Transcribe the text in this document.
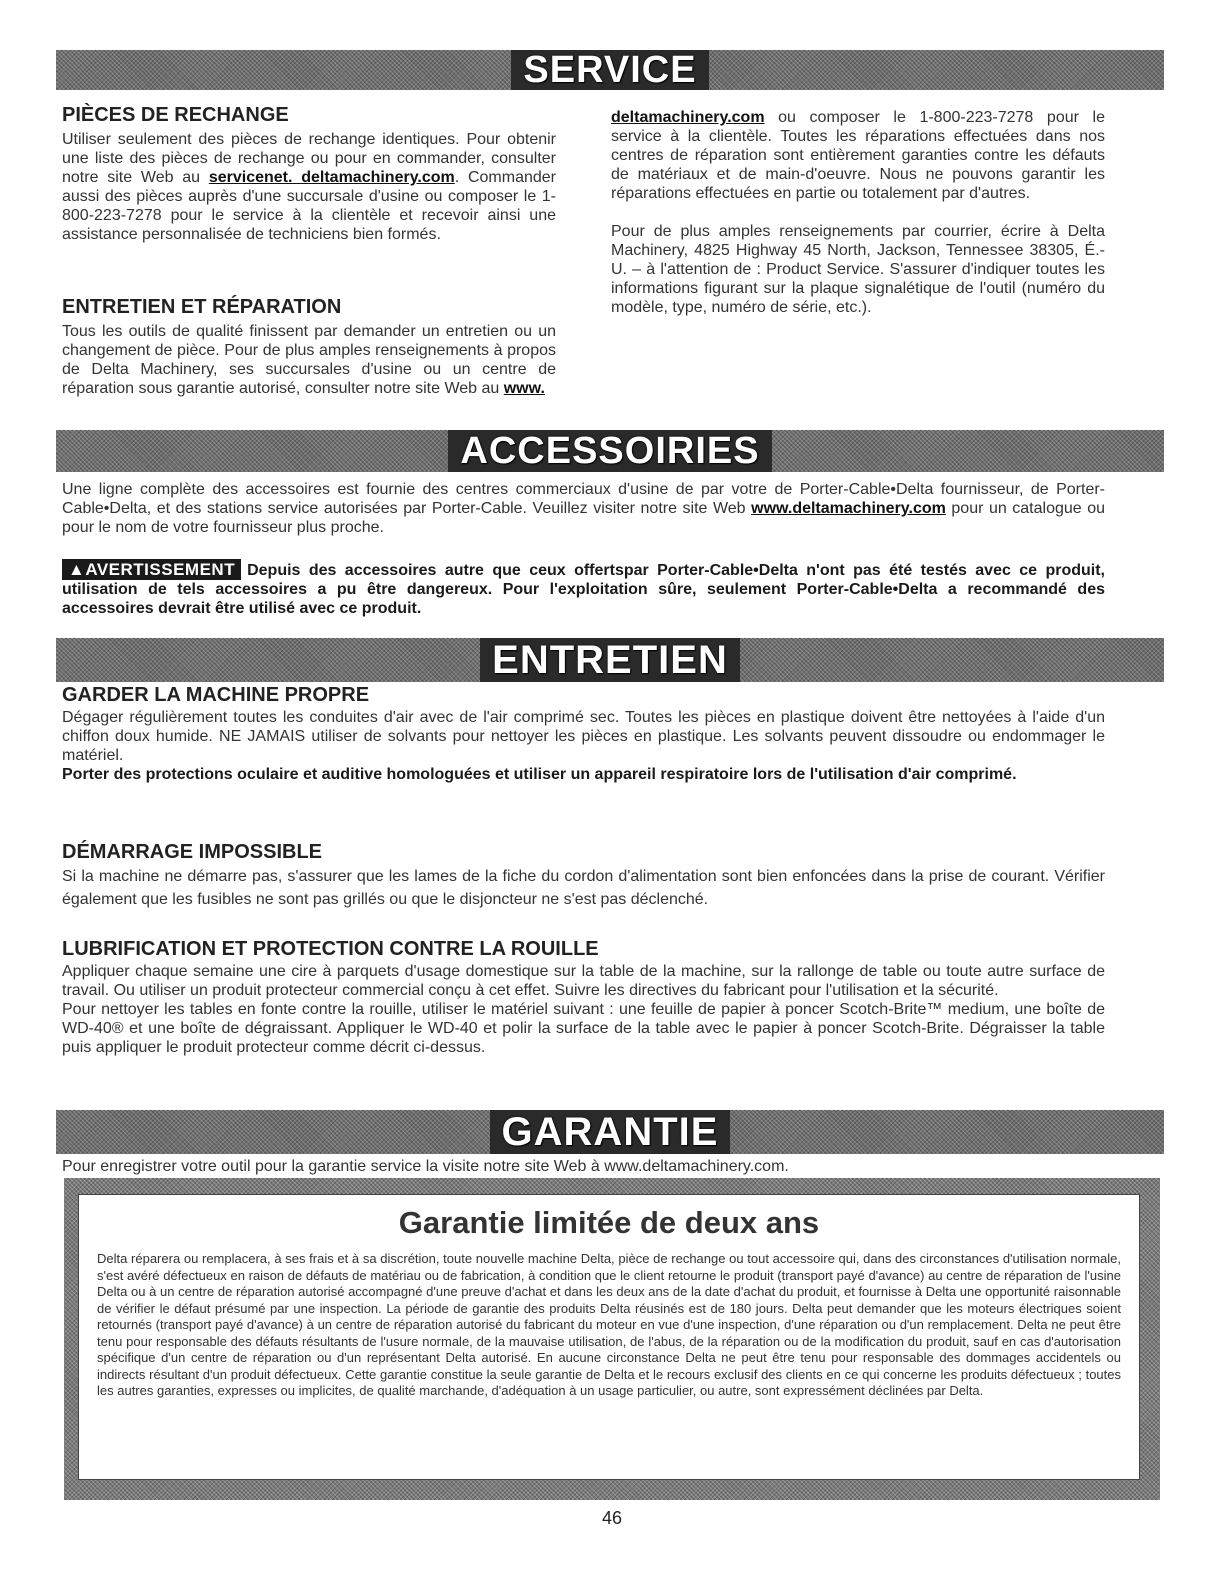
SERVICE
PIÈCES DE RECHANGE

Utiliser seulement des pièces de rechange identiques. Pour obtenir une liste des pièces de rechange ou pour en commander, consulter notre site Web au servicenet. deltamachinery.com. Commander aussi des pièces auprès d'une succursale d'usine ou composer le 1-800-223-7278 pour le service à la clientèle et recevoir ainsi une assistance personnalisée de techniciens bien formés.

ENTRETIEN ET RÉPARATION

Tous les outils de qualité finissent par demander un entretien ou un changement de pièce. Pour de plus amples renseignements à propos de Delta Machinery, ses succursales d'usine ou un centre de réparation sous garantie autorisé, consulter notre site Web au www.

deltamachinery.com ou composer le 1-800-223-7278 pour le service à la clientèle. Toutes les réparations effectuées dans nos centres de réparation sont entièrement garanties contre les défauts de matériaux et de main-d'oeuvre. Nous ne pouvons garantir les réparations effectuées en partie ou totalement par d'autres.

Pour de plus amples renseignements par courrier, écrire à Delta Machinery, 4825 Highway 45 North, Jackson, Tennessee 38305, É.-U. – à l'attention de : Product Service. S'assurer d'indiquer toutes les informations figurant sur la plaque signalétique de l'outil (numéro du modèle, type, numéro de série, etc.).

ACCESSOIRIES

Une ligne complète des accessoires est fournie des centres commerciaux d'usine de par votre de Porter-Cable•Delta fournisseur, de Porter-Cable•Delta, et des stations service autorisées par Porter-Cable. Veuillez visiter notre site Web www.deltamachinery.com pour un catalogue ou pour le nom de votre fournisseur plus proche.

▲AVERTISSEMENT Depuis des accessoires autre que ceux offertspar Porter-Cable•Delta n'ont pas été testés avec ce produit, utilisation de tels accessoires a pu être dangereux. Pour l'exploitation sûre, seulement Porter-Cable•Delta a recommandé des accessoires devrait être utilisé avec ce produit.

ENTRETIEN
GARDER LA MACHINE PROPRE

Dégager régulièrement toutes les conduites d'air avec de l'air comprimé sec. Toutes les pièces en plastique doivent être nettoyées à l'aide d'un chiffon doux humide. NE JAMAIS utiliser de solvants pour nettoyer les pièces en plastique. Les solvants peuvent dissoudre ou endommager le matériel.

Porter des protections oculaire et auditive homologuées et utiliser un appareil respiratoire lors de l'utilisation d'air comprimé.

DÉMARRAGE IMPOSSIBLE

Si la machine ne démarre pas, s'assurer que les lames de la fiche du cordon d'alimentation sont bien enfoncées dans la prise de courant. Vérifier également que les fusibles ne sont pas grillés ou que le disjoncteur ne s'est pas déclenché.

LUBRIFICATION ET PROTECTION CONTRE LA ROUILLE

Appliquer chaque semaine une cire à parquets d'usage domestique sur la table de la machine, sur la rallonge de table ou toute autre surface de travail. Ou utiliser un produit protecteur commercial conçu à cet effet. Suivre les directives du fabricant pour l'utilisation et la sécurité.

Pour nettoyer les tables en fonte contre la rouille, utiliser le matériel suivant : une feuille de papier à poncer Scotch-Brite™ medium, une boîte de WD-40® et une boîte de dégraissant. Appliquer le WD-40 et polir la surface de la table avec le papier à poncer Scotch-Brite. Dégraisser la table puis appliquer le produit protecteur comme décrit ci-dessus.

GARANTIE

Pour enregistrer votre outil pour la garantie service la visite notre site Web à www.deltamachinery.com.

Garantie limitée de deux ans

Delta réparera ou remplacera, à ses frais et à sa discrétion, toute nouvelle machine Delta, pièce de rechange ou tout accessoire qui, dans des circonstances d'utilisation normale, s'est avéré défectueux en raison de défauts de matériau ou de fabrication, à condition que le client retourne le produit (transport payé d'avance) au centre de réparation de l'usine Delta ou à un centre de réparation autorisé accompagné d'une preuve d'achat et dans les deux ans de la date d'achat du produit, et fournisse à Delta une opportunité raisonnable de vérifier le défaut présumé par une inspection. La période de garantie des produits Delta réusinés est de 180 jours. Delta peut demander que les moteurs électriques soient retournés (transport payé d'avance) à un centre de réparation autorisé du fabricant du moteur en vue d'une inspection, d'une réparation ou d'un remplacement. Delta ne peut être tenu pour responsable des défauts résultants de l'usure normale, de la mauvaise utilisation, de l'abus, de la réparation ou de la modification du produit, sauf en cas d'autorisation spécifique d'un centre de réparation ou d'un représentant Delta autorisé. En aucune circonstance Delta ne peut être tenu pour responsable des dommages accidentels ou indirects résultant d'un produit défectueux. Cette garantie constitue la seule garantie de Delta et le recours exclusif des clients en ce qui concerne les produits défectueux ; toutes les autres garanties, expresses ou implicites, de qualité marchande, d'adéquation à un usage particulier, ou autre, sont expressément déclinées par Delta.

46
